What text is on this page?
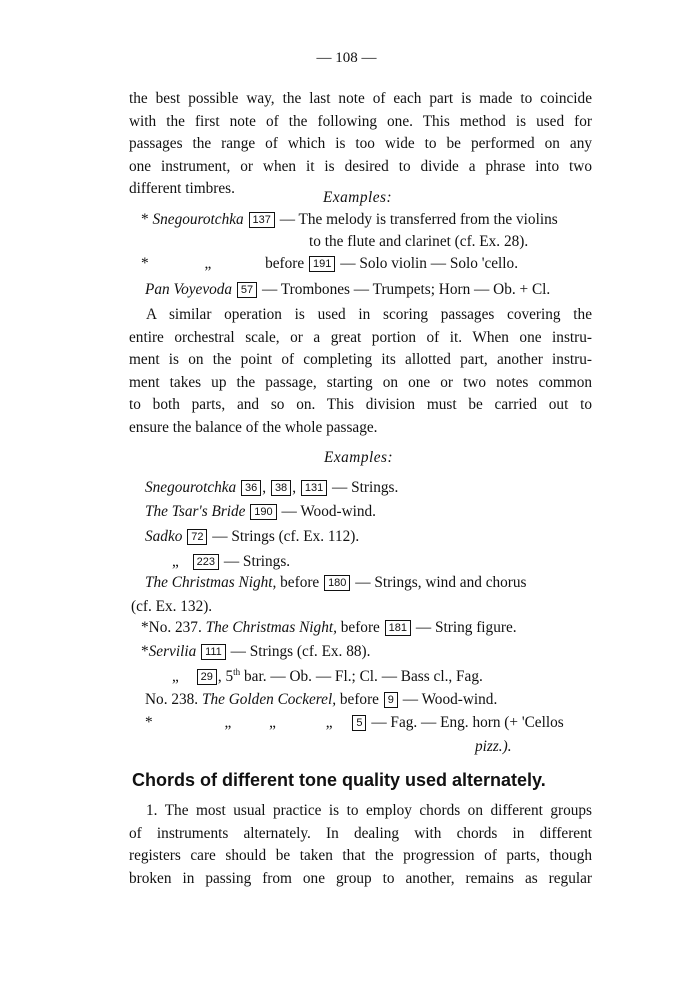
— 108 —
the best possible way, the last note of each part is made to coincide
with the first note of the following one. This method is used for
passages the range of which is too wide to be performed on any
one instrument, or when it is desired to divide a phrase into two
different timbres.
Examples:
* Snegourotchka 137 — The melody is transferred from the violins
to the flute and clarinet (cf. Ex. 28).
*	„	before 191 — Solo violin — Solo 'cello.
Pan Voyevoda 57 — Trombones — Trumpets; Horn — Ob. + Cl.
A similar operation is used in scoring passages covering the
entire orchestral scale, or a great portion of it. When one instru-
ment is on the point of completing its allotted part, another instru-
ment takes up the passage, starting on one or two notes common
to both parts, and so on. This division must be carried out to
ensure the balance of the whole passage.
Examples:
Snegourotchka 36 , 38 , 131 — Strings.
The Tsar's Bride 190 — Wood-wind.
Sadko 72 — Strings (cf. Ex. 112).
„ 223 — Strings.
The Christmas Night, before 180 — Strings, wind and chorus
(cf. Ex. 132).
*No. 237. The Christmas Night, before 181 — String figure.
*Servilia 111 — Strings (cf. Ex. 88).
„ 29 , 5th bar. — Ob. — Fl.; Cl. — Bass cl., Fag.
No. 238. The Golden Cockerel, before 9 — Wood-wind.
*	„ „	„ 5 — Fag. — Eng. horn (+ 'Cellos
pizz.).
Chords of different tone quality used alternately.
1. The most usual practice is to employ chords on different groups
of instruments alternately. In dealing with chords in different
registers care should be taken that the progression of parts, though
broken in passing from one group to another, remains as regular
